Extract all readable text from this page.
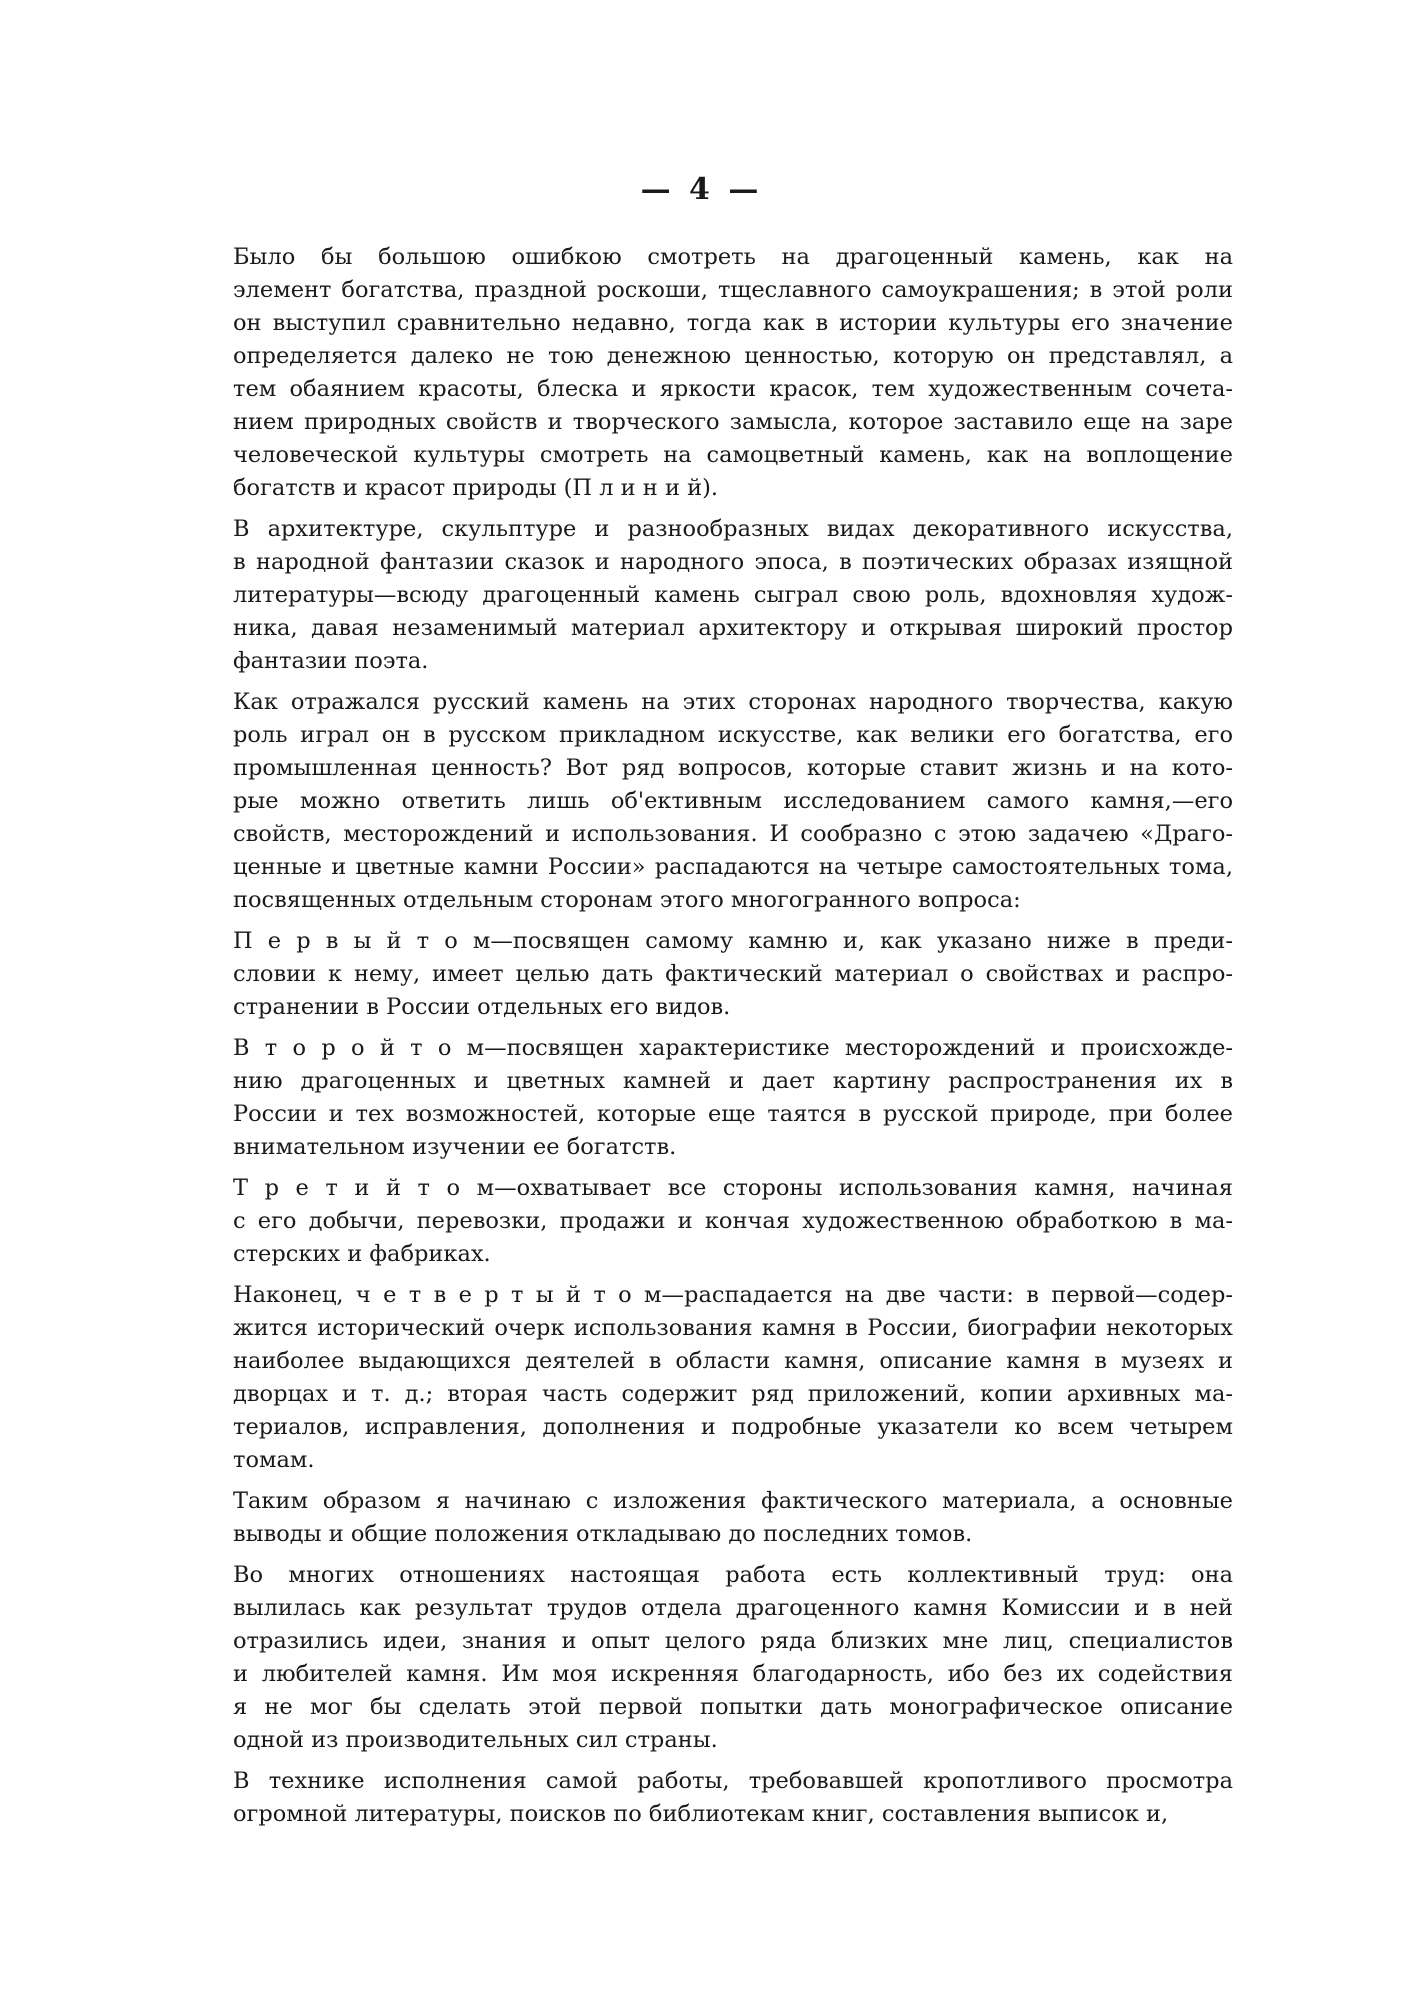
— 4 —
Было бы большою ошибкою смотреть на драгоценный камень, как на
элемент богатства, праздной роскоши, тщеславного самоукрашения; в этой роли
он выступил сравнительно недавно, тогда как в истории культуры его значение
определяется далеко не тою денежною ценностью, которую он представлял, а
тем обаянием красоты, блеска и яркости красок, тем художественным сочета-
нием природных свойств и творческого замысла, которое заставило еще на заре
человеческой культуры смотреть на самоцветный камень, как на воплощение
богатств и красот природы (П л и н и й).
В архитектуре, скульптуре и разнообразных видах декоративного искусства,
в народной фантазии сказок и народного эпоса, в поэтических образах изящной
литературы—всюду драгоценный камень сыграл свою роль, вдохновляя худож-
ника, давая незаменимый материал архитектору и открывая широкий простор
фантазии поэта.
Как отражался русский камень на этих сторонах народного творчества, какую
роль играл он в русском прикладном искусстве, как велики его богатства, его
промышленная ценность? Вот ряд вопросов, которые ставит жизнь и на кото-
рые можно ответить лишь об'ективным исследованием самого камня,—его
свойств, месторождений и использования. И сообразно с этою задачею «Драго-
ценные и цветные камни России» распадаются на четыре самостоятельных тома,
посвященных отдельным сторонам этого многогранного вопроса:
П е р в ы й т о м—посвящен самому камню и, как указано ниже в преди-
словии к нему, имеет целью дать фактический материал о свойствах и распро-
странении в России отдельных его видов.
В т о р о й т о м—посвящен характеристике месторождений и происхожде-
нию драгоценных и цветных камней и дает картину распространения их в
России и тех возможностей, которые еще таятся в русской природе, при более
внимательном изучении ее богатств.
Т р е т и й т о м—охватывает все стороны использования камня, начиная
с его добычи, перевозки, продажи и кончая художественною обработкою в ма-
стерских и фабриках.
Наконец, ч е т в е р т ы й т о м—распадается на две части: в первой—содер-
жится исторический очерк использования камня в России, биографии некоторых
наиболее выдающихся деятелей в области камня, описание камня в музеях и
дворцах и т. д.; вторая часть содержит ряд приложений, копии архивных ма-
териалов, исправления, дополнения и подробные указатели ко всем четырем
томам.
Таким образом я начинаю с изложения фактического материала, а основные
выводы и общие положения откладываю до последних томов.
Во многих отношениях настоящая работа есть коллективный труд: она
вылилась как результат трудов отдела драгоценного камня Комиссии и в ней
отразились идеи, знания и опыт целого ряда близких мне лиц, специалистов
и любителей камня. Им моя искренняя благодарность, ибо без их содействия
я не мог бы сделать этой первой попытки дать монографическое описание
одной из производительных сил страны.
В технике исполнения самой работы, требовавшей кропотливого просмотра
огромной литературы, поисков по библиотекам книг, составления выписок и,
